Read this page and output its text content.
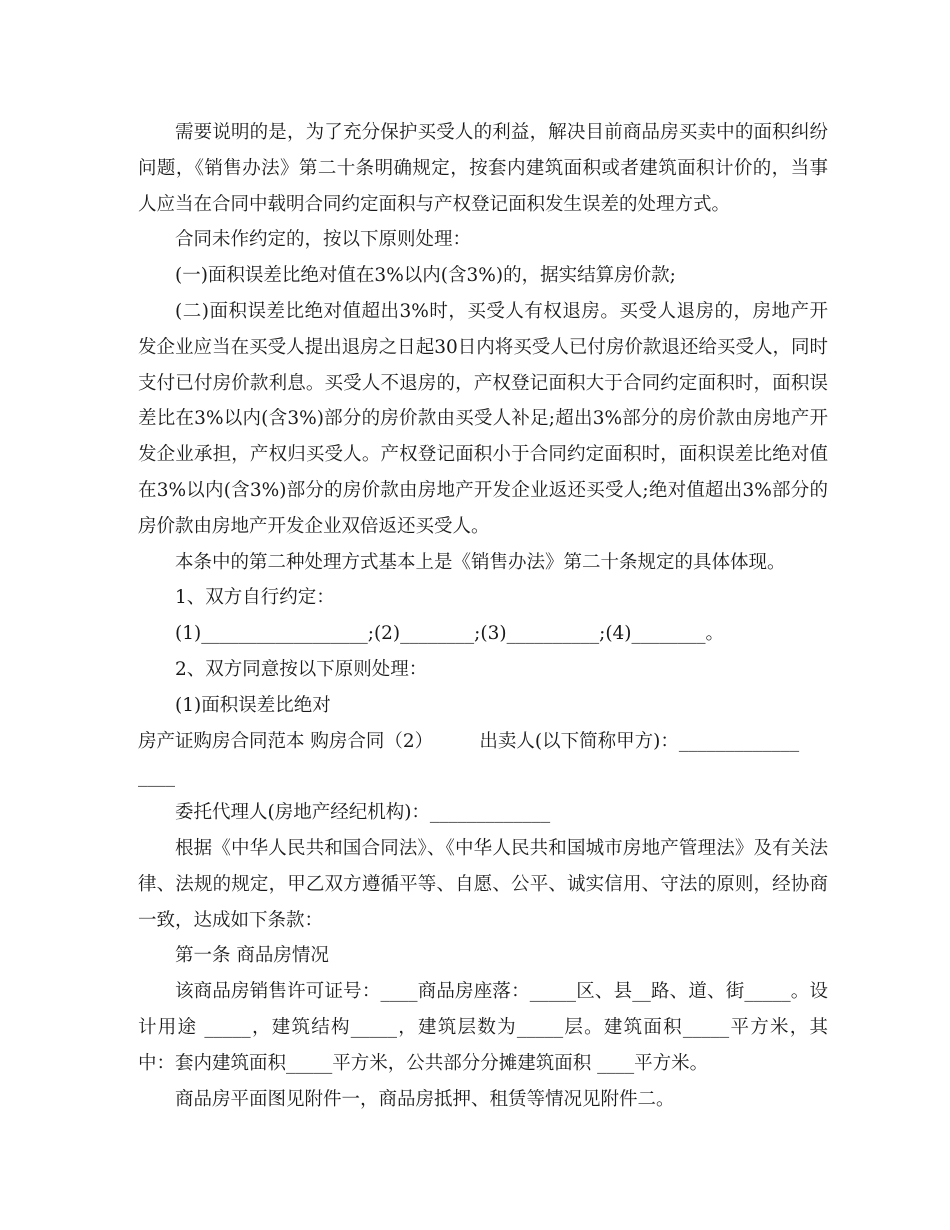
需要说明的是，为了充分保护买受人的利益，解决目前商品房买卖中的面积纠纷问题，《销售办法》第二十条明确规定，按套内建筑面积或者建筑面积计价的，当事人应当在合同中载明合同约定面积与产权登记面积发生误差的处理方式。

合同未作约定的，按以下原则处理：

(一)面积误差比绝对值在3%以内(含3%)的，据实结算房价款;

(二)面积误差比绝对值超出3%时，买受人有权退房。买受人退房的，房地产开发企业应当在买受人提出退房之日起30日内将买受人已付房价款退还给买受人，同时支付已付房价款利息。买受人不退房的，产权登记面积大于合同约定面积时，面积误差比在3%以内(含3%)部分的房价款由买受人补足;超出3%部分的房价款由房地产开发企业承担，产权归买受人。产权登记面积小于合同约定面积时，面积误差比绝对值在3%以内(含3%)部分的房价款由房地产开发企业返还买受人;绝对值超出3%部分的房价款由房地产开发企业双倍返还买受人。

本条中的第二种处理方式基本上是《销售办法》第二十条规定的具体体现。

1、双方自行约定：

(1)__________________;(2)________;(3)__________;(4)________。

2、双方同意按以下原则处理：

(1)面积误差比绝对

房产证购房合同范本 购房合同（2）　　　出卖人(以下简称甲方)：_____________

____

委托代理人(房地产经纪机构)：_____________

根据《中华人民共和国合同法》、《中华人民共和国城市房地产管理法》及有关法律、法规的规定，甲乙双方遵循平等、自愿、公平、诚实信用、守法的原则，经协商一致，达成如下条款：

第一条 商品房情况

该商品房销售许可证号：____商品房座落：_____区、县__路、道、街_____。设计用途 _____，建筑结构_____，建筑层数为_____层。建筑面积_____平方米，其中：套内建筑面积_____平方米，公共部分分摊建筑面积 ____平方米。

商品房平面图见附件一，商品房抵押、租赁等情况见附件二。
